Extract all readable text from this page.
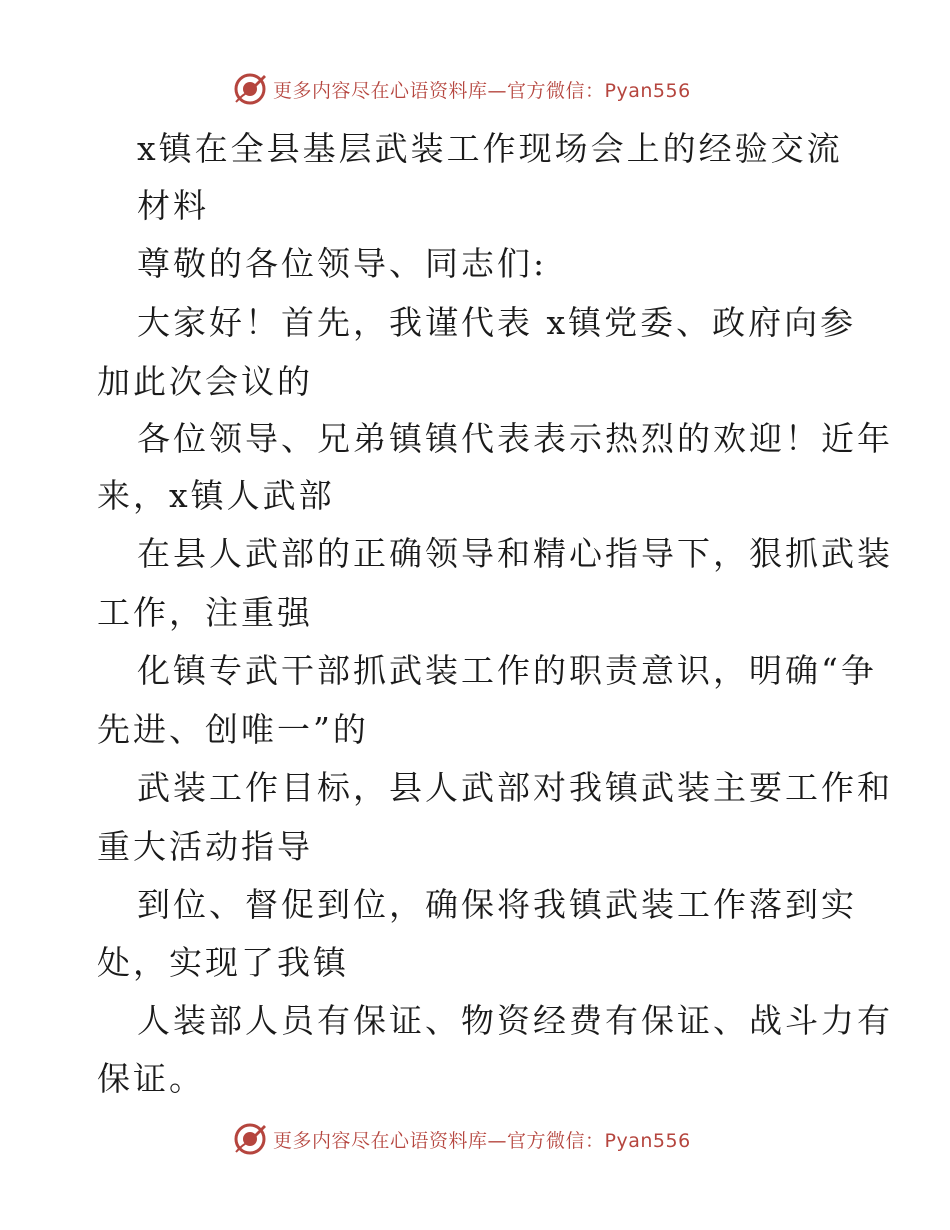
更多内容尽在心语资料库—官方微信：Pyan556
x镇在全县基层武装工作现场会上的经验交流
材料
尊敬的各位领导、同志们:
大家好！首先，我谨代表 x镇党委、政府向参
加此次会议的
各位领导、兄弟镇镇代表表示热烈的欢迎！近年
来，x镇人武部
在县人武部的正确领导和精心指导下，狠抓武装
工作，注重强
化镇专武干部抓武装工作的职责意识，明确“争
先进、创唯一”的
武装工作目标，县人武部对我镇武装主要工作和
重大活动指导
到位、督促到位，确保将我镇武装工作落到实
处，实现了我镇
人装部人员有保证、物资经费有保证、战斗力有
保证。
更多内容尽在心语资料库—官方微信：Pyan556
